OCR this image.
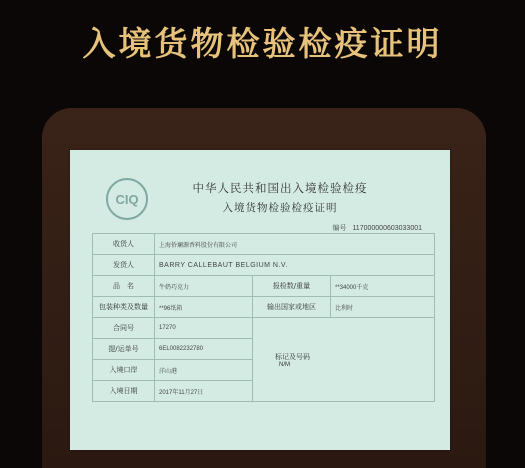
入境货物检验检疫证明
CIQ
中华人民共和国出入境检验检疫
入境货物检验检疫证明
编号 117000000603033001
收货人	上海侨斓源香料股份有限公司		
发货人	BARRY CALLEBAUT BELGIUM N.V.		
品　名	牛奶巧克力	报检数/重量	**34000千克
包装种类及数量	**96纸箱	输出国家或地区	比利时
合同号	17270	标记及号码
N/M	

提/运单号	6EL0082232780		
入境口岸	洋山港		
入境日期	2017年11月27日		
